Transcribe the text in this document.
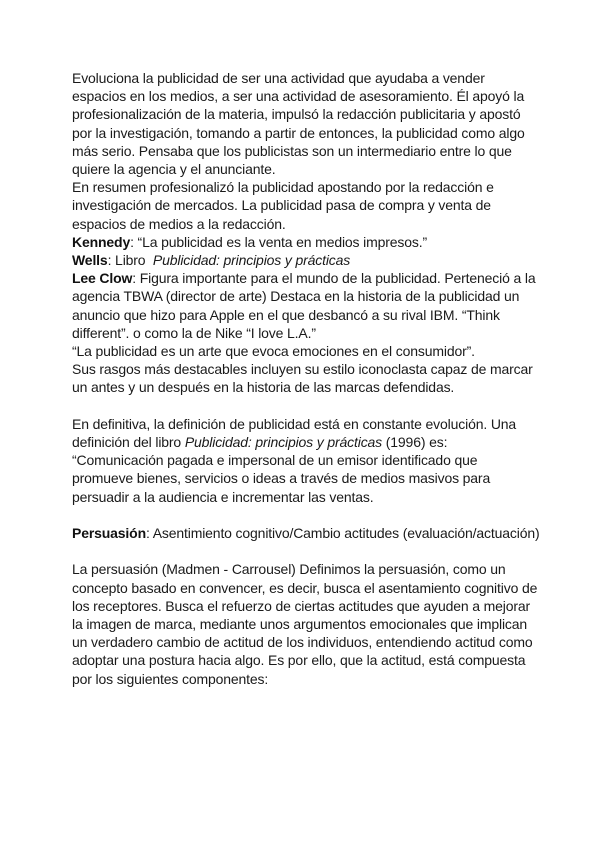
Evoluciona la publicidad de ser una actividad que ayudaba a vender espacios en los medios, a ser una actividad de asesoramiento. Él apoyó la profesionalización de la materia, impulsó la redacción publicitaria y apostó por la investigación, tomando a partir de entonces, la publicidad como algo más serio. Pensaba que los publicistas son un intermediario entre lo que quiere la agencia y el anunciante.

En resumen profesionalizó la publicidad apostando por la redacción e investigación de mercados. La publicidad pasa de compra y venta de espacios de medios a la redacción.

Kennedy: “La publicidad es la venta en medios impresos.”

Wells: Libro  Publicidad: principios y prácticas

Lee Clow: Figura importante para el mundo de la publicidad. Perteneció a la agencia TBWA (director de arte) Destaca en la historia de la publicidad un anuncio que hizo para Apple en el que desbancó a su rival IBM. “Think different”. o como la de Nike “I love L.A.”

“La publicidad es un arte que evoca emociones en el consumidor”.

Sus rasgos más destacables incluyen su estilo iconoclasta capaz de marcar un antes y un después en la historia de las marcas defendidas.

En definitiva, la definición de publicidad está en constante evolución. Una definición del libro Publicidad: principios y prácticas (1996) es: “Comunicación pagada e impersonal de un emisor identificado que promueve bienes, servicios o ideas a través de medios masivos para persuadir a la audiencia e incrementar las ventas.

Persuasión: Asentimiento cognitivo/Cambio actitudes (evaluación/actuación)

La persuasión (Madmen - Carrousel) Definimos la persuasión, como un concepto basado en convencer, es decir, busca el asentamiento cognitivo de los receptores. Busca el refuerzo de ciertas actitudes que ayuden a mejorar la imagen de marca, mediante unos argumentos emocionales que implican un verdadero cambio de actitud de los individuos, entendiendo actitud como adoptar una postura hacia algo. Es por ello, que la actitud, está compuesta por los siguientes componentes:
